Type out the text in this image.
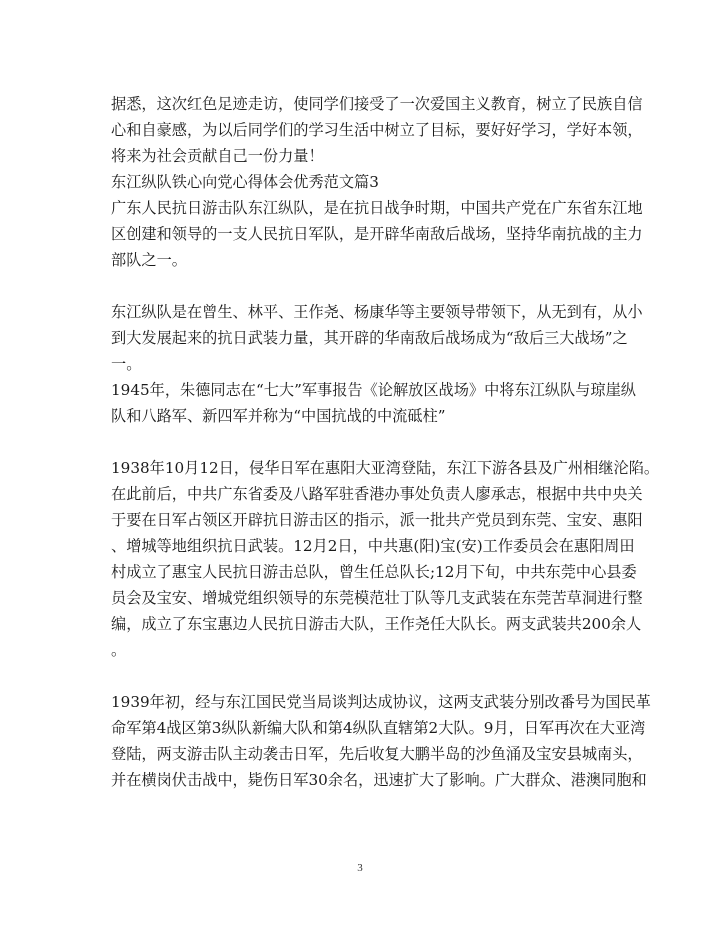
据悉，这次红色足迹走访，使同学们接受了一次爱国主义教育，树立了民族自信
心和自豪感，为以后同学们的学习生活中树立了目标，要好好学习，学好本领，
将来为社会贡献自己一份力量！
东江纵队铁心向党心得体会优秀范文篇3
广东人民抗日游击队东江纵队，是在抗日战争时期，中国共产党在广东省东江地
区创建和领导的一支人民抗日军队，是开辟华南敌后战场，坚持华南抗战的主力
部队之一。
东江纵队是在曾生、林平、王作尧、杨康华等主要领导带领下，从无到有，从小
到大发展起来的抗日武装力量，其开辟的华南敌后战场成为“敌后三大战场”之
一。
1945年，朱德同志在“七大”军事报告《论解放区战场》中将东江纵队与琼崖纵
队和八路军、新四军并称为“中国抗战的中流砥柱”
1938年10月12日，侵华日军在惠阳大亚湾登陆，东江下游各县及广州相继沦陷。
在此前后，中共广东省委及八路军驻香港办事处负责人廖承志，根据中共中央关
于要在日军占领区开辟抗日游击区的指示，派一批共产党员到东莞、宝安、惠阳
、增城等地组织抗日武装。12月2日，中共惠(阳)宝(安)工作委员会在惠阳周田
村成立了惠宝人民抗日游击总队，曾生任总队长;12月下旬，中共东莞中心县委
员会及宝安、增城党组织领导的东莞模范壮丁队等几支武装在东莞苦草洞进行整
编，成立了东宝惠边人民抗日游击大队，王作尧任大队长。两支武装共200余人
。
1939年初，经与东江国民党当局谈判达成协议，这两支武装分别改番号为国民革
命军第4战区第3纵队新编大队和第4纵队直辖第2大队。9月，日军再次在大亚湾
登陆，两支游击队主动袭击日军，先后收复大鹏半岛的沙鱼涌及宝安县城南头，
并在横岗伏击战中，毙伤日军30余名，迅速扩大了影响。广大群众、港澳同胞和
3
